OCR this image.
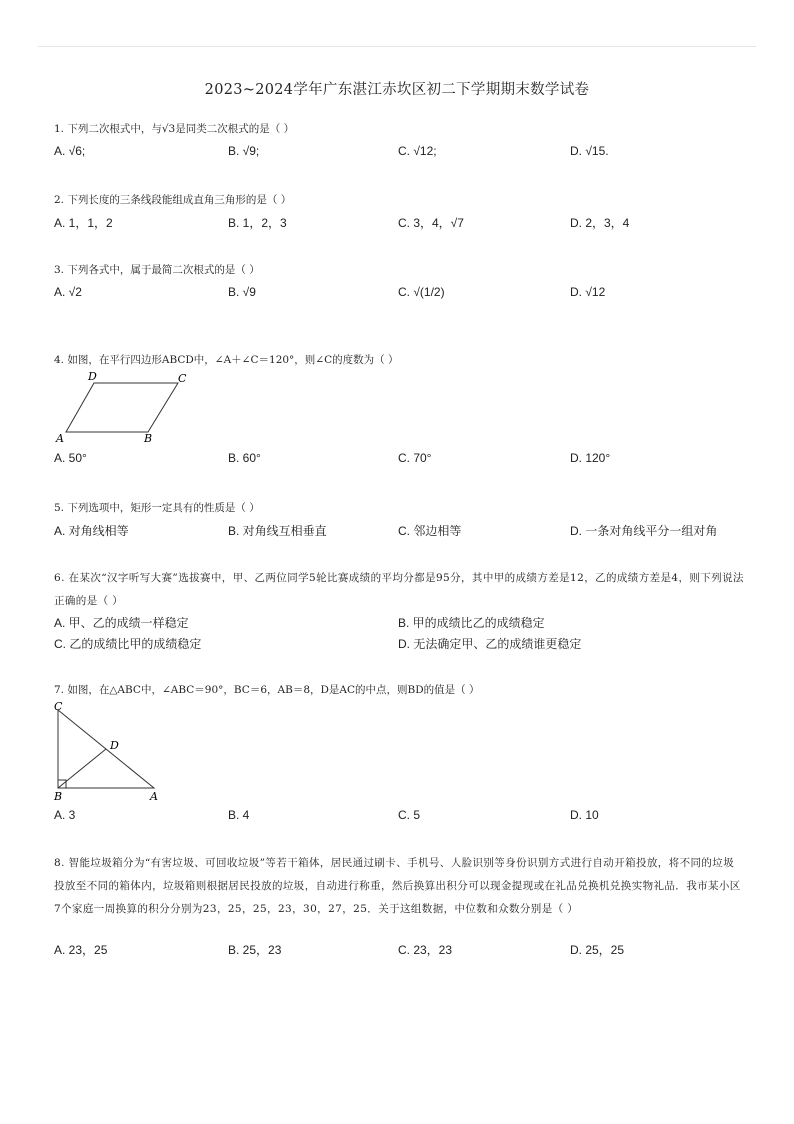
2023~2024学年广东湛江赤坎区初二下学期期末数学试卷
1. 下列二次根式中，与√3是同类二次根式的是（ ）
A. √6;	B. √9;	C. √12;	D. √15.
2. 下列长度的三条线段能组成直角三角形的是（ ）
A. 1，1，2	B. 1，2，3	C. 3，4，√7	D. 2，3，4
3. 下列各式中，属于最简二次根式的是（ ）
A. √2	B. √9	C. √(1/2)	D. √12
4. 如图，在平行四边形ABCD中，∠A＋∠C＝120°，则∠C的度数为（ ）
D	C
A	B
A. 50°	B. 60°	C. 70°	D. 120°
5. 下列选项中，矩形一定具有的性质是（ ）
A. 对角线相等	B. 对角线互相垂直	C. 邻边相等	D. 一条对角线平分一组对角
6. 在某次“汉字听写大赛”选拔赛中，甲、乙两位同学5轮比赛成绩的平均分都是95分，其中甲的成绩方差是12，乙的成绩方差是4，则下列说法正确的是（ ）
A. 甲、乙的成绩一样稳定	B. 甲的成绩比乙的成绩稳定
C. 乙的成绩比甲的成绩稳定	D. 无法确定甲、乙的成绩谁更稳定
7. 如图，在△ABC中，∠ABC＝90°，BC＝6，AB＝8，D是AC的中点，则BD的值是（ ）
C
D
B	A
A. 3	B. 4	C. 5	D. 10
8. 智能垃圾箱分为“有害垃圾、可回收垃圾”等若干箱体，居民通过刷卡、手机号、人脸识别等身份识别方式进行自动开箱投放，将不同的垃圾投放至不同的箱体内，垃圾箱则根据居民投放的垃圾，自动进行称重，然后换算出积分可以现金提现或在礼品兑换机兑换实物礼品．我市某小区7个家庭一周换算的积分分别为23，25，25，23，30，27，25．关于这组数据，中位数和众数分别是（ ）
A. 23，25	B. 25，23	C. 23，23	D. 25，25
